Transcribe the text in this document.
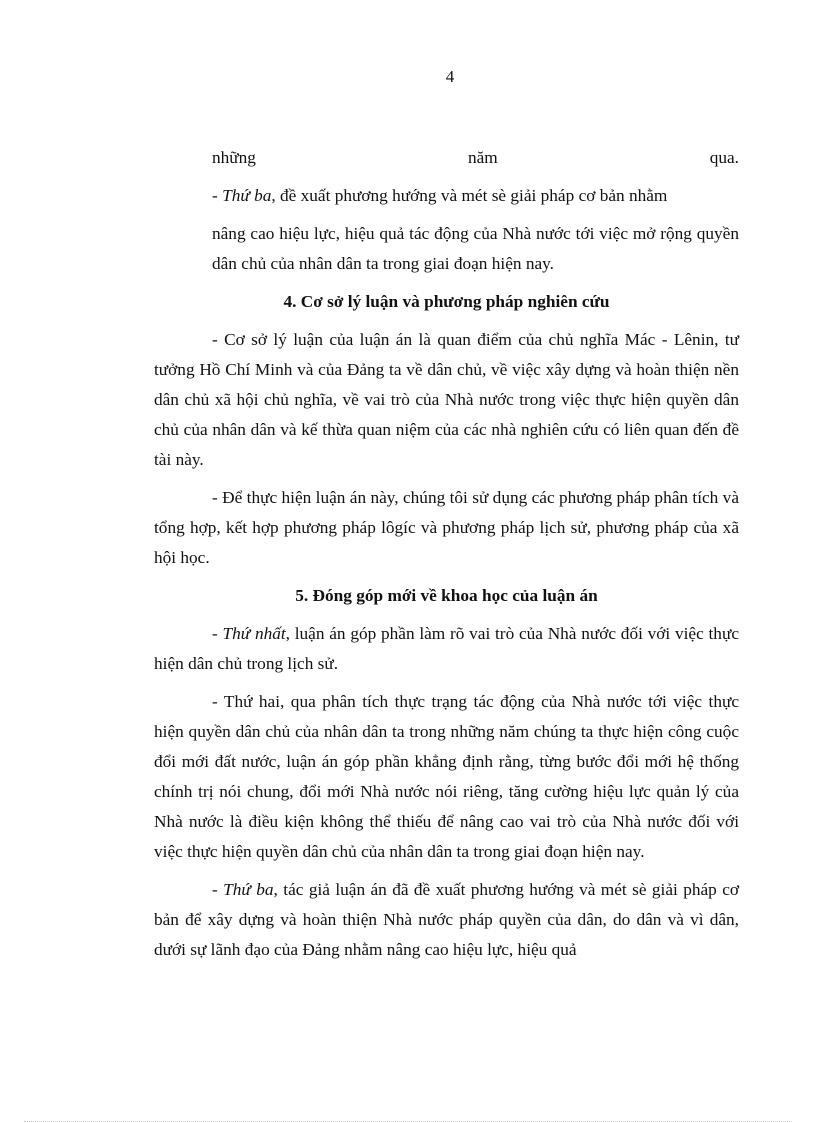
4

những năm qua.

- Thứ ba, đề xuất phương hướng và mét sè giải pháp cơ bản nhằm

nâng cao hiệu lực, hiệu quả tác động của Nhà nước tới việc mở rộng quyền dân chủ của nhân dân ta trong giai đoạn hiện nay.

4. Cơ sở lý luận và phương pháp nghiên cứu

- Cơ sở lý luận của luận án là quan điểm của chủ nghĩa Mác - Lênin, tư tưởng Hồ Chí Minh và của Đảng ta về dân chủ, về việc xây dựng và hoàn thiện nền dân chủ xã hội chủ nghĩa, về vai trò của Nhà nước trong việc thực hiện quyền dân chủ của nhân dân và kế thừa quan niệm của các nhà nghiên cứu có liên quan đến đề tài này.

- Để thực hiện luận án này, chúng tôi sử dụng các phương pháp phân tích và tổng hợp, kết hợp phương pháp lôgíc và phương pháp lịch sử, phương pháp của xã hội học.

5. Đóng góp mới về khoa học của luận án

- Thứ nhất, luận án góp phần làm rõ vai trò của Nhà nước đối với việc thực hiện dân chủ trong lịch sử.

- Thứ hai, qua phân tích thực trạng tác động của Nhà nước tới việc thực hiện quyền dân chủ của nhân dân ta trong những năm chúng ta thực hiện công cuộc đổi mới đất nước, luận án góp phần khẳng định rằng, từng bước đổi mới hệ thống chính trị nói chung, đổi mới Nhà nước nói riêng, tăng cường hiệu lực quản lý của Nhà nước là điều kiện không thể thiếu để nâng cao vai trò của Nhà nước đối với việc thực hiện quyền dân chủ của nhân dân ta trong giai đoạn hiện nay.

- Thứ ba, tác giả luận án đã đề xuất phương hướng và mét sè giải pháp cơ bản để xây dựng và hoàn thiện Nhà nước pháp quyền của dân, do dân và vì dân, dưới sự lãnh đạo của Đảng nhằm nâng cao hiệu lực, hiệu quả
